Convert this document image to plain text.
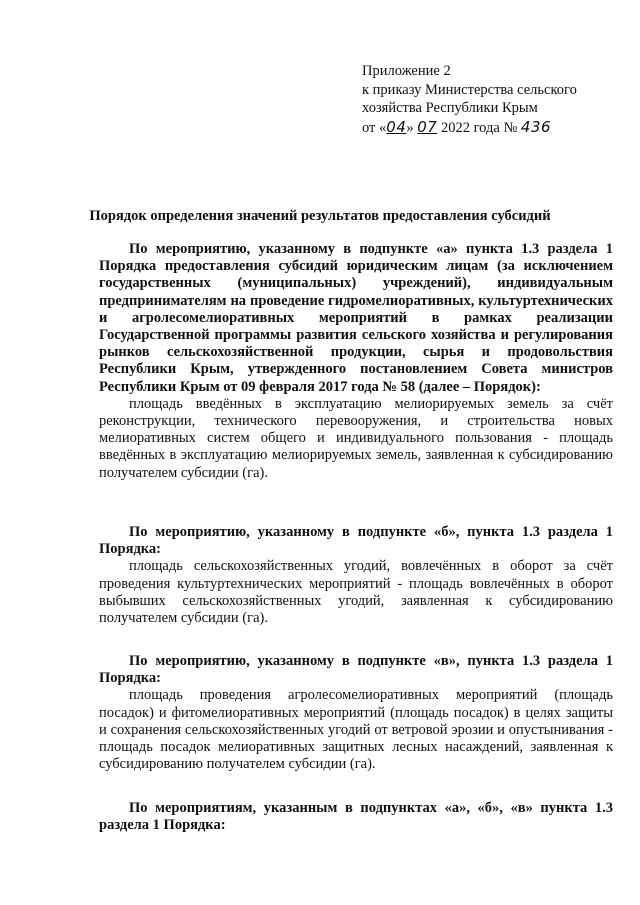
Приложение 2
к приказу Министерства сельского
хозяйства Республики Крым
от «04» 07 2022 года № 436
Порядок определения значений результатов предоставления субсидий

По мероприятию, указанному в подпункте «а» пункта 1.3 раздела 1 Порядка предоставления субсидий юридическим лицам (за исключением государственных (муниципальных) учреждений), индивидуальным предпринимателям на проведение гидромелиоративных, культуртехнических и агролесомелиоративных мероприятий в рамках реализации Государственной программы развития сельского хозяйства и регулирования рынков сельскохозяйственной продукции, сырья и продовольствия Республики Крым, утвержденного постановлением Совета министров Республики Крым от 09 февраля 2017 года № 58 (далее – Порядок):

площадь введённых в эксплуатацию мелиорируемых земель за счёт реконструкции, технического перевооружения, и строительства новых мелиоративных систем общего и индивидуального пользования - площадь введённых в эксплуатацию мелиорируемых земель, заявленная к субсидированию получателем субсидии (га).

По мероприятию, указанному в подпункте «б», пункта 1.3 раздела 1 Порядка:

площадь сельскохозяйственных угодий, вовлечённых в оборот за счёт проведения культуртехнических мероприятий - площадь вовлечённых в оборот выбывших сельскохозяйственных угодий, заявленная к субсидированию получателем субсидии (га).

По мероприятию, указанному в подпункте «в», пункта 1.3 раздела 1 Порядка:

площадь проведения агролесомелиоративных мероприятий (площадь посадок) и фитомелиоративных мероприятий (площадь посадок) в целях защиты и сохранения сельскохозяйственных угодий от ветровой эрозии и опустынивания - площадь посадок мелиоративных защитных лесных насаждений, заявленная к субсидированию получателем субсидии (га).

По мероприятиям, указанным в подпунктах «а», «б», «в» пункта 1.3 раздела 1 Порядка:
